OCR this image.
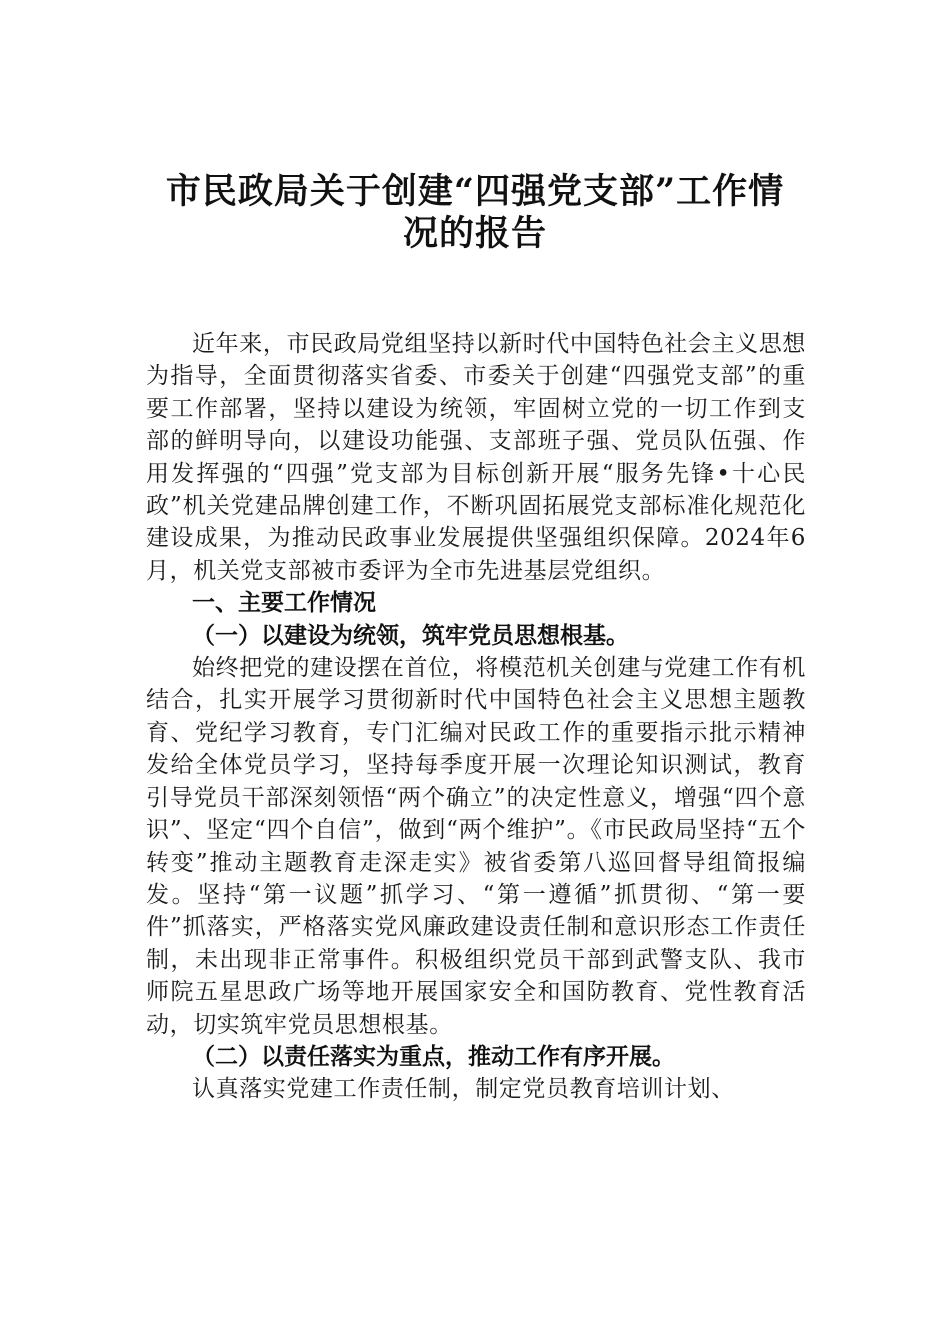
市民政局关于创建“四强党支部”工作情
况的报告

近年来，市民政局党组坚持以新时代中国特色社会主义思想为指导，全面贯彻落实省委、市委关于创建“四强党支部”的重要工作部署，坚持以建设为统领，牢固树立党的一切工作到支部的鲜明导向，以建设功能强、支部班子强、党员队伍强、作用发挥强的“四强”党支部为目标创新开展“服务先锋•十心民政”机关党建品牌创建工作，不断巩固拓展党支部标准化规范化建设成果，为推动民政事业发展提供坚强组织保障。2024年6月，机关党支部被市委评为全市先进基层党组织。

一、主要工作情况
（一）以建设为统领，筑牢党员思想根基。

始终把党的建设摆在首位，将模范机关创建与党建工作有机结合，扎实开展学习贯彻新时代中国特色社会主义思想主题教育、党纪学习教育，专门汇编对民政工作的重要指示批示精神发给全体党员学习，坚持每季度开展一次理论知识测试，教育引导党员干部深刻领悟“两个确立”的决定性意义，增强“四个意识”、坚定“四个自信”，做到“两个维护”。《市民政局坚持“五个转变”推动主题教育走深走实》被省委第八巡回督导组简报编发。坚持“第一议题”抓学习、“第一遵循”抓贯彻、“第一要件”抓落实，严格落实党风廉政建设责任制和意识形态工作责任制，未出现非正常事件。积极组织党员干部到武警支队、我市师院五星思政广场等地开展国家安全和国防教育、党性教育活动，切实筑牢党员思想根基。

（二）以责任落实为重点，推动工作有序开展。

认真落实党建工作责任制，制定党员教育培训计划、
